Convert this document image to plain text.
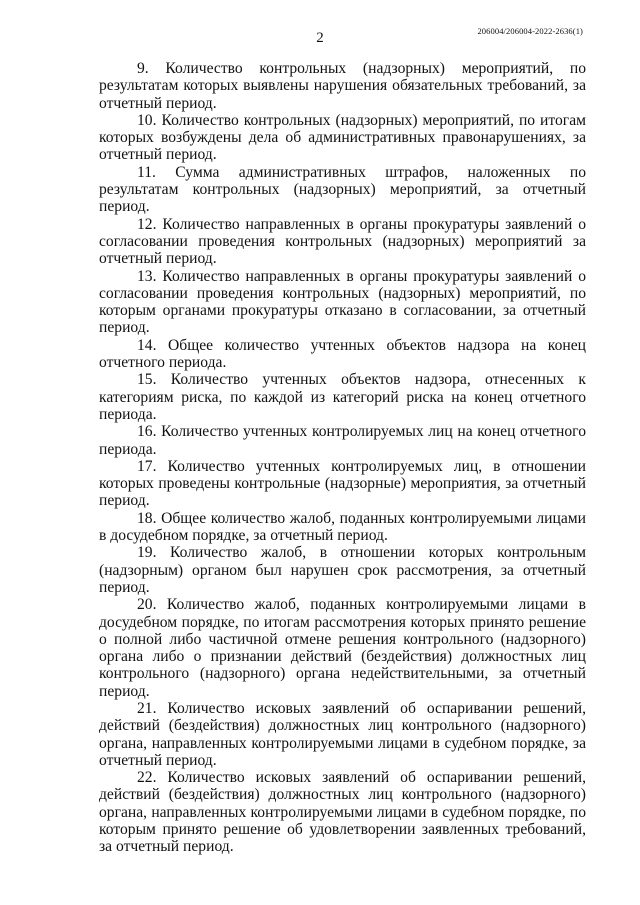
2	206004/206004-2022-2636(1)

9. Количество контрольных (надзорных) мероприятий, по результатам которых выявлены нарушения обязательных требований, за отчетный период.

10. Количество контрольных (надзорных) мероприятий, по итогам которых возбуждены дела об административных правонарушениях, за отчетный период.

11. Сумма административных штрафов, наложенных по результатам контрольных (надзорных) мероприятий, за отчетный период.

12. Количество направленных в органы прокуратуры заявлений о согласовании проведения контрольных (надзорных) мероприятий за отчетный период.

13. Количество направленных в органы прокуратуры заявлений о согласовании проведения контрольных (надзорных) мероприятий, по которым органами прокуратуры отказано в согласовании, за отчетный период.

14. Общее количество учтенных объектов надзора на конец отчетного периода.

15. Количество учтенных объектов надзора, отнесенных к категориям риска, по каждой из категорий риска на конец отчетного периода.

16. Количество учтенных контролируемых лиц на конец отчетного периода.

17. Количество учтенных контролируемых лиц, в отношении которых проведены контрольные (надзорные) мероприятия, за отчетный период.

18. Общее количество жалоб, поданных контролируемыми лицами в досудебном порядке, за отчетный период.

19. Количество жалоб, в отношении которых контрольным (надзорным) органом был нарушен срок рассмотрения, за отчетный период.

20. Количество жалоб, поданных контролируемыми лицами в досудебном порядке, по итогам рассмотрения которых принято решение о полной либо частичной отмене решения контрольного (надзорного) органа либо о признании действий (бездействия) должностных лиц контрольного (надзорного) органа недействительными, за отчетный период.

21. Количество исковых заявлений об оспаривании решений, действий (бездействия) должностных лиц контрольного (надзорного) органа, направленных контролируемыми лицами в судебном порядке, за отчетный период.

22. Количество исковых заявлений об оспаривании решений, действий (бездействия) должностных лиц контрольного (надзорного) органа, направленных контролируемыми лицами в судебном порядке, по которым принято решение об удовлетворении заявленных требований, за отчетный период.
